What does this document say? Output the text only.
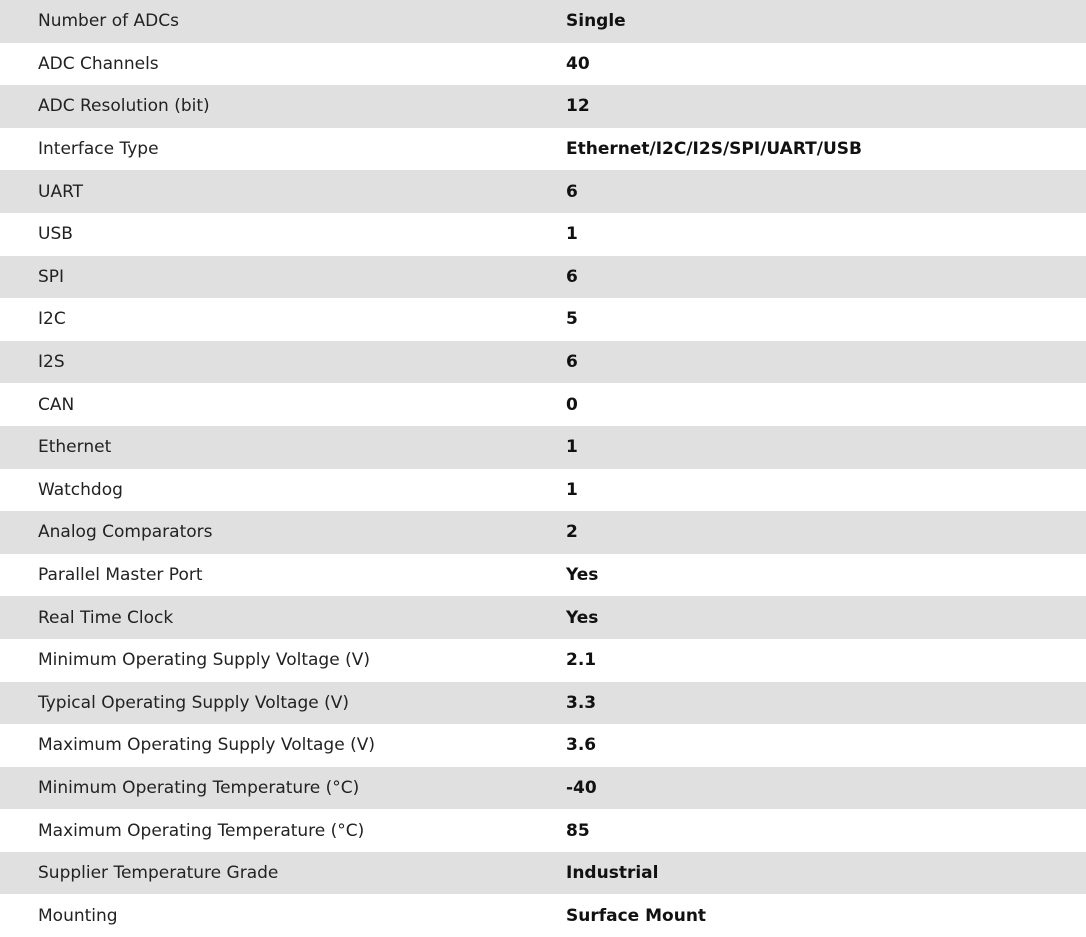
Number of ADCs	Single
ADC Channels	40
ADC Resolution (bit)	12
Interface Type	Ethernet/I2C/I2S/SPI/UART/USB
UART	6
USB	1
SPI	6
I2C	5
I2S	6
CAN	0
Ethernet	1
Watchdog	1
Analog Comparators	2
Parallel Master Port	Yes
Real Time Clock	Yes
Minimum Operating Supply Voltage (V)	2.1
Typical Operating Supply Voltage (V)	3.3
Maximum Operating Supply Voltage (V)	3.6
Minimum Operating Temperature (°C)	-40
Maximum Operating Temperature (°C)	85
Supplier Temperature Grade	Industrial
Mounting	Surface Mount
